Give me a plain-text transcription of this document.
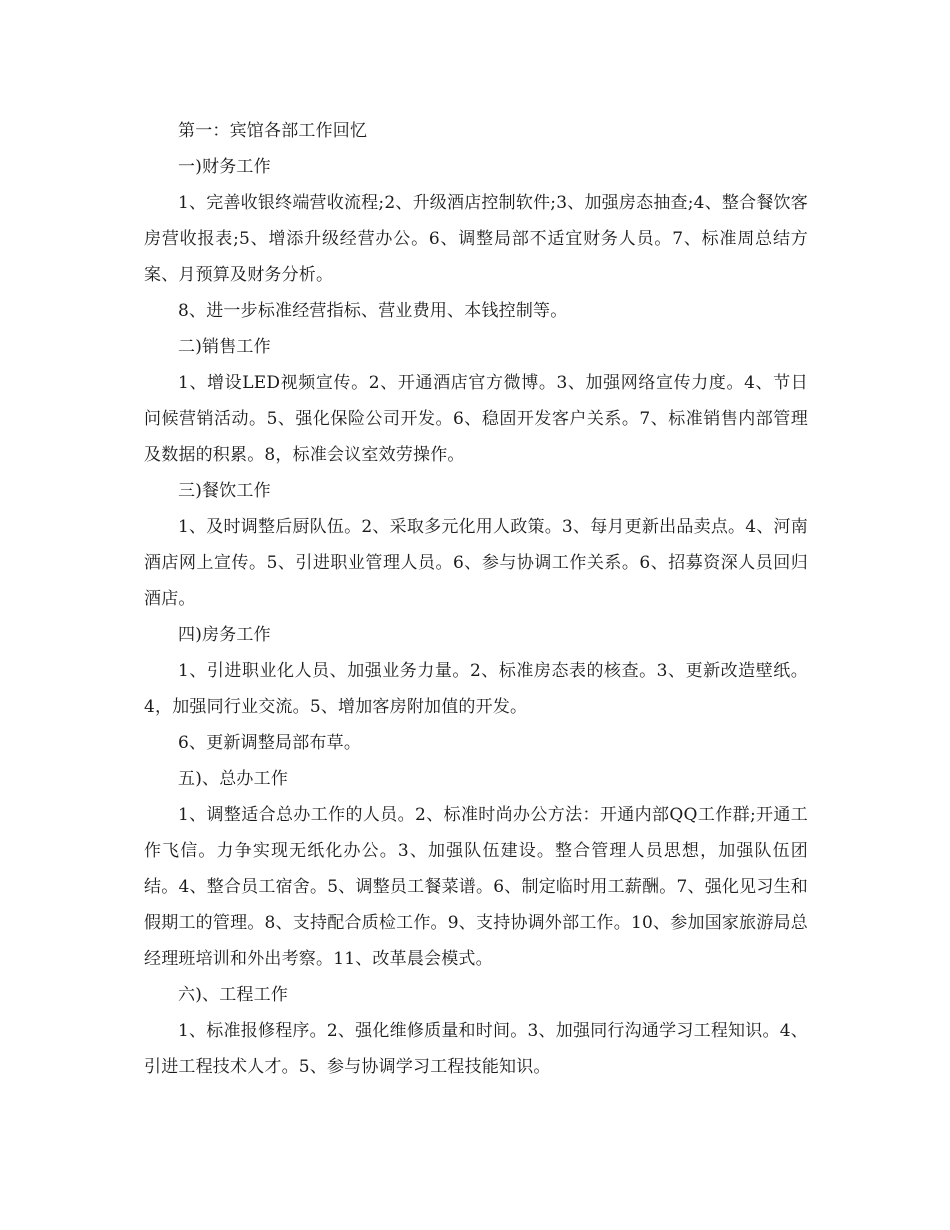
第一：宾馆各部工作回忆

一)财务工作

1、完善收银终端营收流程;2、升级酒店控制软件;3、加强房态抽查;4、整合餐饮客房营收报表;5、增添升级经营办公。6、调整局部不适宜财务人员。7、标准周总结方案、月预算及财务分析。

8、进一步标准经营指标、营业费用、本钱控制等。

二)销售工作

1、增设LED视频宣传。2、开通酒店官方微博。3、加强网络宣传力度。4、节日问候营销活动。5、强化保险公司开发。6、稳固开发客户关系。7、标准销售内部管理及数据的积累。8，标准会议室效劳操作。

三)餐饮工作

1、及时调整后厨队伍。2、采取多元化用人政策。3、每月更新出品卖点。4、河南酒店网上宣传。5、引进职业管理人员。6、参与协调工作关系。6、招募资深人员回归酒店。

四)房务工作

1、引进职业化人员、加强业务力量。2、标准房态表的核查。3、更新改造壁纸。4，加强同行业交流。5、增加客房附加值的开发。

6、更新调整局部布草。

五)、总办工作

1、调整适合总办工作的人员。2、标准时尚办公方法：开通内部QQ工作群;开通工作飞信。力争实现无纸化办公。3、加强队伍建设。整合管理人员思想，加强队伍团结。4、整合员工宿舍。5、调整员工餐菜谱。6、制定临时用工薪酬。7、强化见习生和假期工的管理。8、支持配合质检工作。9、支持协调外部工作。10、参加国家旅游局总经理班培训和外出考察。11、改革晨会模式。

六)、工程工作

1、标准报修程序。2、强化维修质量和时间。3、加强同行沟通学习工程知识。4、引进工程技术人才。5、参与协调学习工程技能知识。
